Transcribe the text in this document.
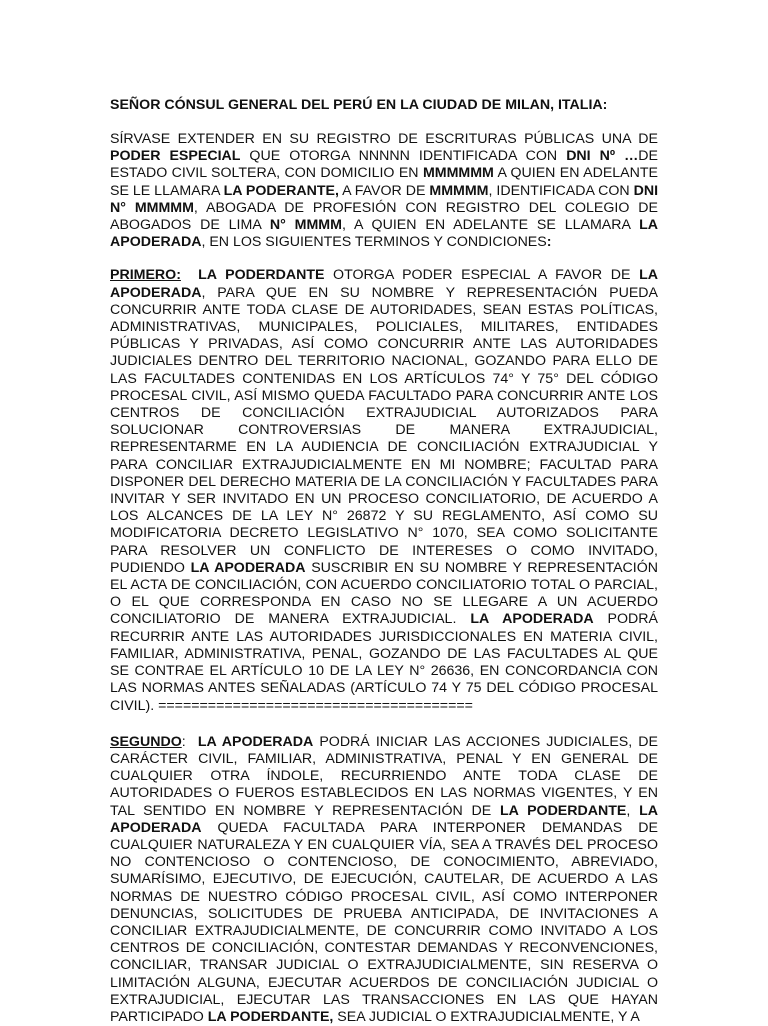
SEÑOR CÓNSUL GENERAL DEL PERÚ EN LA CIUDAD DE MILAN, ITALIA:

SÍRVASE EXTENDER EN SU REGISTRO DE ESCRITURAS PÚBLICAS UNA DE PODER ESPECIAL QUE OTORGA NNNNN IDENTIFICADA CON DNI Nº …DE ESTADO CIVIL SOLTERA, CON DOMICILIO EN MMMMMM A QUIEN EN ADELANTE SE LE LLAMARA LA PODERANTE, A FAVOR DE MMMMM, IDENTIFICADA CON DNI N° MMMMM, ABOGADA DE PROFESIÓN CON REGISTRO DEL COLEGIO DE ABOGADOS DE LIMA N° MMMM, A QUIEN EN ADELANTE SE LLAMARA LA APODERADA, EN LOS SIGUIENTES TERMINOS Y CONDICIONES:

PRIMERO: LA PODERDANTE OTORGA PODER ESPECIAL A FAVOR DE LA APODERADA, PARA QUE EN SU NOMBRE Y REPRESENTACIÓN PUEDA CONCURRIR ANTE TODA CLASE DE AUTORIDADES, SEAN ESTAS POLÍTICAS, ADMINISTRATIVAS, MUNICIPALES, POLICIALES, MILITARES, ENTIDADES PÚBLICAS Y PRIVADAS, ASÍ COMO CONCURRIR ANTE LAS AUTORIDADES JUDICIALES DENTRO DEL TERRITORIO NACIONAL, GOZANDO PARA ELLO DE LAS FACULTADES CONTENIDAS EN LOS ARTÍCULOS 74° Y 75° DEL CÓDIGO PROCESAL CIVIL, ASÍ MISMO QUEDA FACULTADO PARA CONCURRIR ANTE LOS CENTROS DE CONCILIACIÓN EXTRAJUDICIAL AUTORIZADOS PARA SOLUCIONAR CONTROVERSIAS DE MANERA EXTRAJUDICIAL, REPRESENTARME EN LA AUDIENCIA DE CONCILIACIÓN EXTRAJUDICIAL Y PARA CONCILIAR EXTRAJUDICIALMENTE EN MI NOMBRE; FACULTAD PARA DISPONER DEL DERECHO MATERIA DE LA CONCILIACIÓN Y FACULTADES PARA INVITAR Y SER INVITADO EN UN PROCESO CONCILIATORIO, DE ACUERDO A LOS ALCANCES DE LA LEY N° 26872 Y SU REGLAMENTO, ASÍ COMO SU MODIFICATORIA DECRETO LEGISLATIVO N° 1070, SEA COMO SOLICITANTE PARA RESOLVER UN CONFLICTO DE INTERESES O COMO INVITADO, PUDIENDO LA APODERADA SUSCRIBIR EN SU NOMBRE Y REPRESENTACIÓN EL ACTA DE CONCILIACIÓN, CON ACUERDO CONCILIATORIO TOTAL O PARCIAL, O EL QUE CORRESPONDA EN CASO NO SE LLEGARE A UN ACUERDO CONCILIATORIO DE MANERA EXTRAJUDICIAL. LA APODERADA PODRÁ RECURRIR ANTE LAS AUTORIDADES JURISDICCIONALES EN MATERIA CIVIL, FAMILIAR, ADMINISTRATIVA, PENAL, GOZANDO DE LAS FACULTADES AL QUE SE CONTRAE EL ARTÍCULO 10 DE LA LEY N° 26636, EN CONCORDANCIA CON LAS NORMAS ANTES SEÑALADAS (ARTÍCULO 74 Y 75 DEL CÓDIGO PROCESAL CIVIL). ======================================

SEGUNDO: LA APODERADA PODRÁ INICIAR LAS ACCIONES JUDICIALES, DE CARÁCTER CIVIL, FAMILIAR, ADMINISTRATIVA, PENAL Y EN GENERAL DE CUALQUIER OTRA ÍNDOLE, RECURRIENDO ANTE TODA CLASE DE AUTORIDADES O FUEROS ESTABLECIDOS EN LAS NORMAS VIGENTES, Y EN TAL SENTIDO EN NOMBRE Y REPRESENTACIÓN DE LA PODERDANTE, LA APODERADA QUEDA FACULTADA PARA INTERPONER DEMANDAS DE CUALQUIER NATURALEZA Y EN CUALQUIER VÍA, SEA A TRAVÉS DEL PROCESO NO CONTENCIOSO O CONTENCIOSO, DE CONOCIMIENTO, ABREVIADO, SUMARÍSIMO, EJECUTIVO, DE EJECUCIÓN, CAUTELAR, DE ACUERDO A LAS NORMAS DE NUESTRO CÓDIGO PROCESAL CIVIL, ASÍ COMO INTERPONER DENUNCIAS, SOLICITUDES DE PRUEBA ANTICIPADA, DE INVITACIONES A CONCILIAR EXTRAJUDICIALMENTE, DE CONCURRIR COMO INVITADO A LOS CENTROS DE CONCILIACIÓN, CONTESTAR DEMANDAS Y RECONVENCIONES, CONCILIAR, TRANSAR JUDICIAL O EXTRAJUDICIALMENTE, SIN RESERVA O LIMITACIÓN ALGUNA, EJECUTAR ACUERDOS DE CONCILIACIÓN JUDICIAL O EXTRAJUDICIAL, EJECUTAR LAS TRANSACCIONES EN LAS QUE HAYAN PARTICIPADO LA PODERDANTE, SEA JUDICIAL O EXTRAJUDICIALMENTE, Y A
